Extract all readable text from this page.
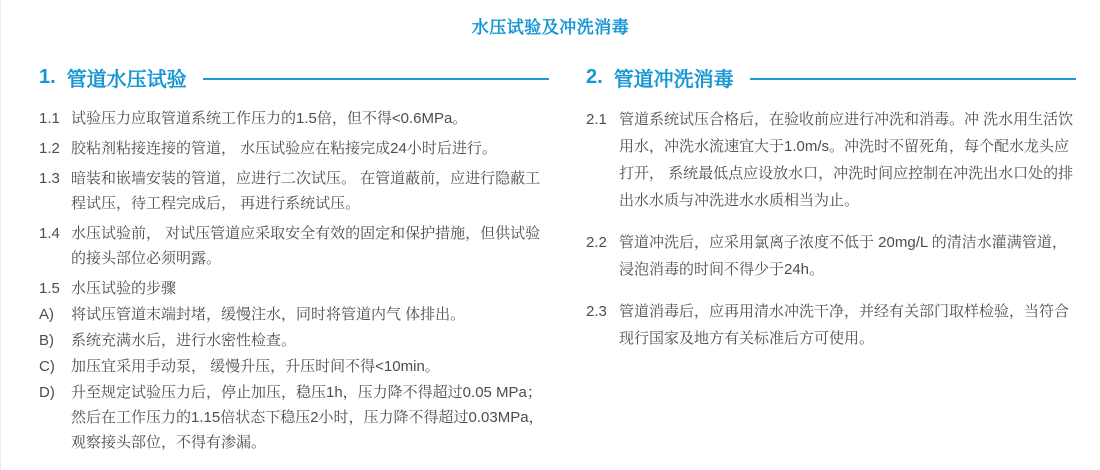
水压试验及冲洗消毒
1. 管道水压试验
1.1 试验压力应取管道系统工作压力的1.5倍，但不得<0.6MPa。
1.2 胶粘剂粘接连接的管道， 水压试验应在粘接完成24小时后进行。
1.3 暗装和嵌墙安装的管道，应进行二次试压。 在管道蔽前，应进行隐蔽工程试压，待工程完成后， 再进行系统试压。
1.4 水压试验前， 对试压管道应采取安全有效的固定和保护措施，但供试验的接头部位必须明露。
1.5 水压试验的步骤
A)	将试压管道末端封堵，缓慢注水，同时将管道内气 体排出。
B)	系统充满水后，进行水密性检查。
C)	加压宜采用手动泵， 缓慢升压，升压时间不得<10min。
D)	升至规定试验压力后，停止加压，稳压1h，压力降不得超过0.05 MPa；然后在工作压力的1.15倍状态下稳压2小时，压力降不得超过0.03MPa，观察接头部位，不得有渗漏。
2. 管道冲洗消毒
2.1 管道系统试压合格后，在验收前应进行冲洗和消毒。冲 洗水用生活饮用水，冲洗水流速宜大于1.0m/s。冲洗时不留死角，每个配水龙头应打开， 系统最低点应设放水口，冲洗时间应控制在冲洗出水口处的排出水水质与冲洗进水水质相当为止。
2.2 管道冲洗后，应采用氯离子浓度不低于 20mg/L 的清洁水灌满管道，浸泡消毒的时间不得少于24h。
2.3 管道消毒后，应再用清水冲洗干净，并经有关部门取样检验，当符合现行国家及地方有关标准后方可使用。
